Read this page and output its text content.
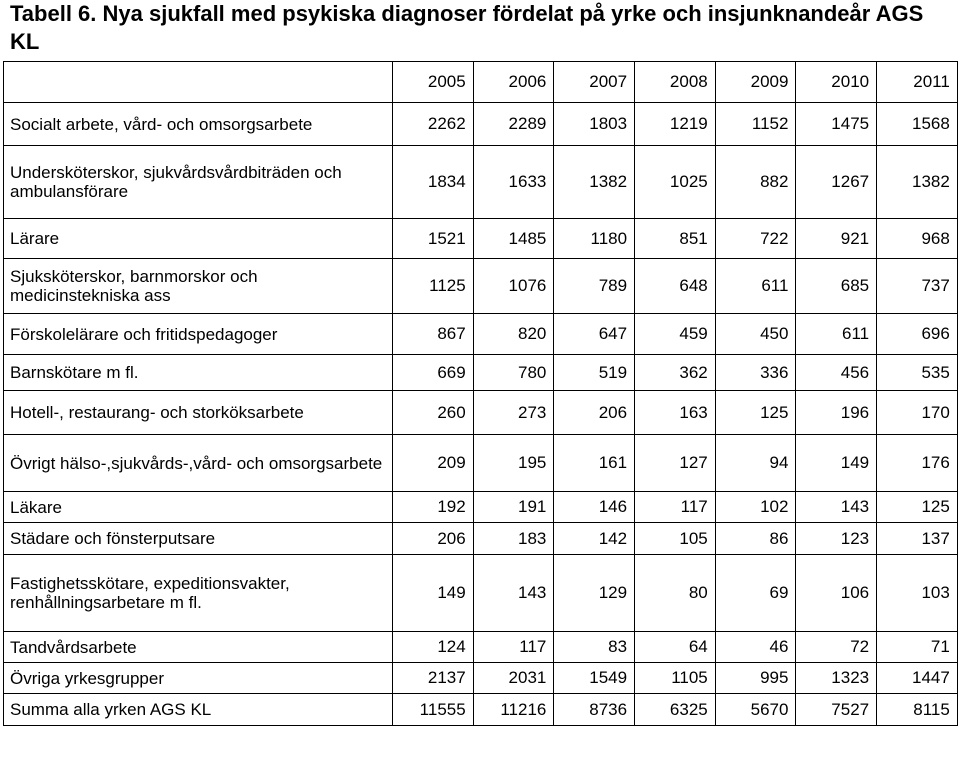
Tabell 6. Nya sjukfall med psykiska diagnoser fördelat på yrke och insjunknandeår AGS KL
	2005	2006	2007	2008	2009	2010	2011
Socialt arbete, vård- och omsorgsarbete	2262	2289	1803	1219	1152	1475	1568
Undersköterskor, sjukvårdsvårdbiträden och ambulansförare	1834	1633	1382	1025	882	1267	1382
Lärare	1521	1485	1180	851	722	921	968
Sjuksköterskor, barnmorskor och medicinstekniska ass	1125	1076	789	648	611	685	737
Förskolelärare och fritidspedagoger	867	820	647	459	450	611	696
Barnskötare m fl.	669	780	519	362	336	456	535
Hotell-, restaurang- och storköksarbete	260	273	206	163	125	196	170
Övrigt hälso-,sjukvårds-,vård- och omsorgsarbete	209	195	161	127	94	149	176
Läkare	192	191	146	117	102	143	125
Städare och fönsterputsare	206	183	142	105	86	123	137
Fastighetsskötare, expeditionsvakter, renhållningsarbetare m fl.	149	143	129	80	69	106	103
Tandvårdsarbete	124	117	83	64	46	72	71
Övriga yrkesgrupper	2137	2031	1549	1105	995	1323	1447
Summa alla yrken AGS KL	11555	11216	8736	6325	5670	7527	8115
